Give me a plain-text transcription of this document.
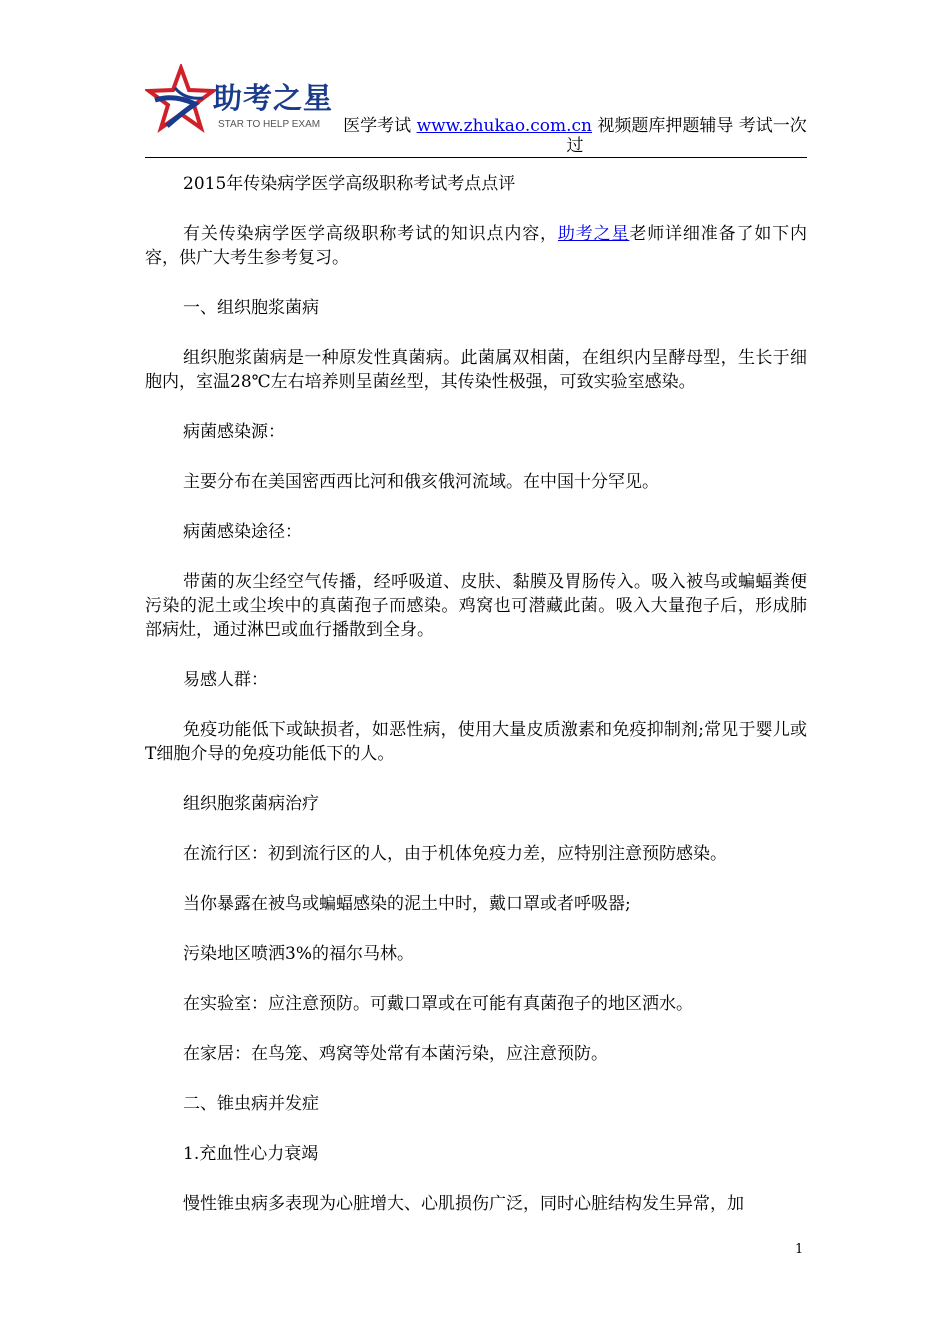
助考之星
STAR TO HELP EXAM 医学考试 www.zhukao.com.cn 视频题库押题辅导 考试一次过

2015年传染病学医学高级职称考试考点点评

有关传染病学医学高级职称考试的知识点内容，助考之星老师详细准备了如下内容，供广大考生参考复习。

一、组织胞浆菌病

组织胞浆菌病是一种原发性真菌病。此菌属双相菌，在组织内呈酵母型，生长于细胞内，室温28℃左右培养则呈菌丝型，其传染性极强，可致实验室感染。

病菌感染源：

主要分布在美国密西西比河和俄亥俄河流域。在中国十分罕见。

病菌感染途径：

带菌的灰尘经空气传播，经呼吸道、皮肤、黏膜及胃肠传入。吸入被鸟或蝙蝠粪便污染的泥土或尘埃中的真菌孢子而感染。鸡窝也可潜藏此菌。吸入大量孢子后，形成肺部病灶，通过淋巴或血行播散到全身。

易感人群：

免疫功能低下或缺损者，如恶性病，使用大量皮质激素和免疫抑制剂;常见于婴儿或T细胞介导的免疫功能低下的人。

组织胞浆菌病治疗

在流行区：初到流行区的人，由于机体免疫力差，应特别注意预防感染。

当你暴露在被鸟或蝙蝠感染的泥土中时，戴口罩或者呼吸器;

污染地区喷洒3%的福尔马林。

在实验室：应注意预防。可戴口罩或在可能有真菌孢子的地区洒水。

在家居：在鸟笼、鸡窝等处常有本菌污染，应注意预防。

二、锥虫病并发症

1.充血性心力衰竭

慢性锥虫病多表现为心脏增大、心肌损伤广泛，同时心脏结构发生异常，加

1
